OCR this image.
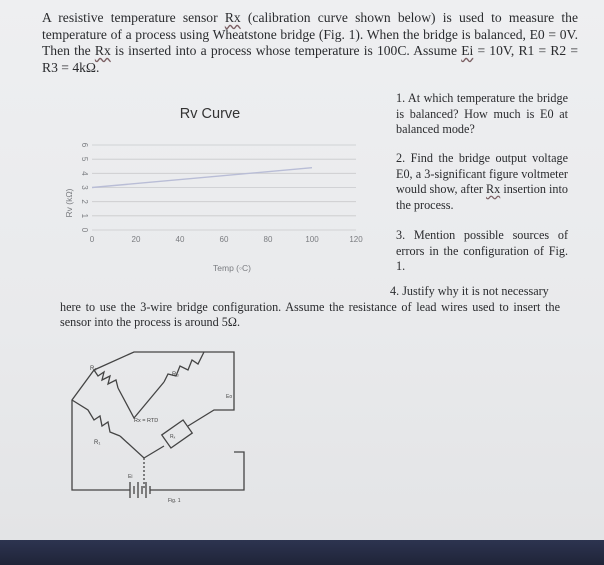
A resistive temperature sensor Rx (calibration curve shown below) is used to measure the temperature of a process using Wheatstone bridge (Fig. 1). When the bridge is balanced, E0 = 0V. Then the Rx is inserted into a process whose temperature is 100C. Assume Ei = 10V, R1 = R2 = R3 = 4kΩ.

Rv Curve
0
1
2
3
4
5
6
0	20	40	60	80	100	120
Rv (kΩ)
Temp (◦C)

1. At which temperature the bridge is balanced? How much is E0 at balanced mode?

2. Find the bridge output voltage E0, a 3-significant figure voltmeter would show, after Rx insertion into the process.

3. Mention possible sources of errors in the configuration of Fig. 1.

4. Justify why it is not necessary
here to use the 3-wire bridge configuration. Assume the resistance of lead wires used to insert the sensor into the process is around 5Ω.

R₂
R₃
R₁
Rx = RTD
Rₓ
Eo
Ei
Fig. 1
